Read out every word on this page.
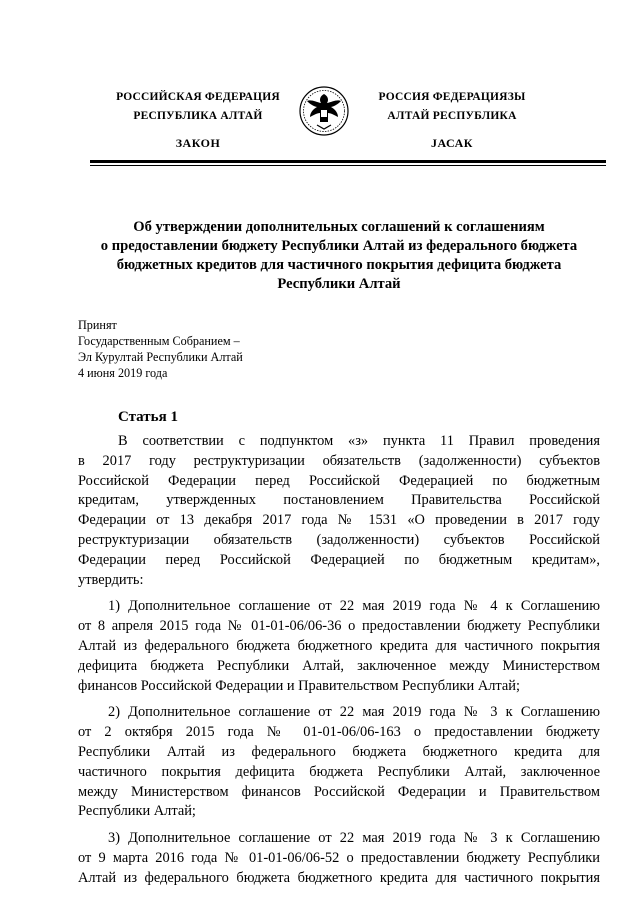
РОССИЙСКАЯ ФЕДЕРАЦИЯ
РЕСПУБЛИКА АЛТАЙ
ЗАКОН
РОССИЯ ФЕДЕРАЦИЯЗЫ
АЛТАЙ РЕСПУБЛИКА
JАСАК
Об утверждении дополнительных соглашений к соглашениям
о предоставлении бюджету Республики Алтай из федерального бюджета
бюджетных кредитов для частичного покрытия дефицита бюджета
Республики Алтай
Принят
Государственным Собранием –
Эл Курултай Республики Алтай
4 июня 2019 года
Статья 1

В соответствии с подпунктом «з» пункта 11 Правил проведения
в 2017 году реструктуризации обязательств (задолженности) субъектов
Российской Федерации перед Российской Федерацией по бюджетным
кредитам, утвержденных постановлением Правительства Российской
Федерации от 13 декабря 2017 года № 1531 «О проведении в 2017 году
реструктуризации обязательств (задолженности) субъектов Российской
Федерации перед Российской Федерацией по бюджетным кредитам»,
утвердить:

1) Дополнительное соглашение от 22 мая 2019 года № 4 к Соглашению
от 8 апреля 2015 года № 01-01-06/06-36 о предоставлении бюджету Республики
Алтай из федерального бюджета бюджетного кредита для частичного покрытия
дефицита бюджета Республики Алтай, заключенное между Министерством
финансов Российской Федерации и Правительством Республики Алтай;

2) Дополнительное соглашение от 22 мая 2019 года № 3 к Соглашению
от 2 октября 2015 года № 01-01-06/06-163 о предоставлении бюджету
Республики Алтай из федерального бюджета бюджетного кредита для
частичного покрытия дефицита бюджета Республики Алтай, заключенное
между Министерством финансов Российской Федерации и Правительством
Республики Алтай;

3) Дополнительное соглашение от 22 мая 2019 года № 3 к Соглашению
от 9 марта 2016 года № 01-01-06/06-52 о предоставлении бюджету Республики
Алтай из федерального бюджета бюджетного кредита для частичного покрытия
